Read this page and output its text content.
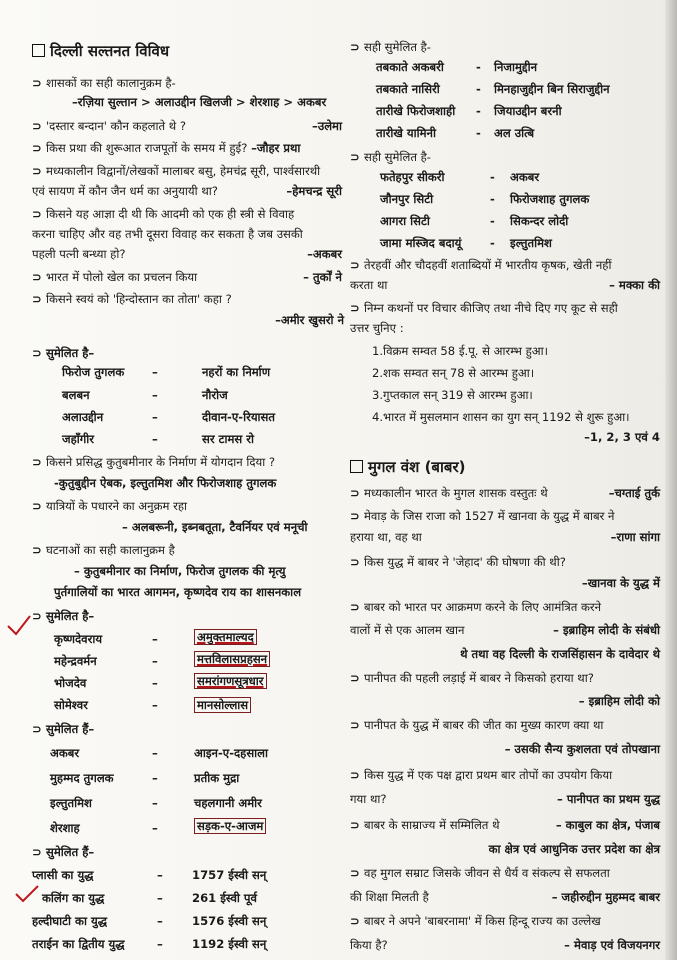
दिल्ली सल्तनत विविध
⊃ शासकों का सही कालानुक्रम है-
–रज़िया सुल्तान > अलाउद्दीन खिलजी > शेरशाह > अकबर
⊃ 'दस्तार बन्दान' कौन कहलाते थे ?	–उलेमा
⊃ किस प्रथा की शुरूआत राजपूतों के समय में हुई? –जौहर प्रथा
⊃ मध्यकालीन विद्वानों/लेखकों मालाबर बसु, हेमचंद्र सूरी, पार्श्वसारथी
एवं सायण में कौन जैन धर्म का अनुयायी था?	–हेमचन्द्र सूरी
⊃ किसने यह आज्ञा दी थी कि आदमी को एक ही स्त्री से विवाह
करना चाहिए और वह तभी दूसरा विवाह कर सकता है जब उसकी
पहली पत्नी बन्ध्या हो?	–अकबर
⊃ भारत में पोलो खेल का प्रचलन किया	– तुर्कों ने
⊃ किसने स्वयं को 'हिन्दोस्तान का तोता' कहा ?
–अमीर खुसरो ने
⊃ सुमेलित है–
फिरोज तुगलक –	नहरों का निर्माण
बलबन	–	नौरोज
अलाउद्दीन	–	दीवान-ए-रियासत
जहाँगीर	–	सर टामस रो
⊃ किसने प्रसिद्ध कुतुबमीनार के निर्माण में योगदान दिया ?
-कुतुबुद्दीन ऐबक, इल्तुतमिश और फिरोजशाह तुगलक
⊃ यात्रियों के पधारने का अनुक्रम रहा
– अलबरूनी, इब्नबतूता, टैवर्नियर एवं मनूची
⊃ घटनाओं का सही कालानुक्रम है
– कुतुबमीनार का निर्माण, फिरोज तुगलक की मृत्यु
पुर्तगालियों का भारत आगमन, कृष्णदेव राय का शासनकाल
⊃ सुमेलित है–
कृष्णदेवराय	–	अमुक्तमाल्यद
महेन्द्रवर्मन	–	मत्तविलासप्रहसन
भोजदेव	–	समरांगणसूत्रधार
सोमेश्वर	–	मानसोल्लास
⊃ सुमेलित हैं–
अकबर	–	आइन-ए-दहसाला
मुहम्मद तुगलक	–	प्रतीक मुद्रा
इल्तुतमिश	–	चहलगानी अमीर
शेरशाह	–	सड़क-ए-आजम
⊃ सुमेलित हैं–
प्लासी का युद्ध	–	1757 ईस्वी सन्
कलिंग का युद्ध	–	261 ईस्वी पूर्व
हल्दीघाटी का युद्ध	–	1576 ईस्वी सन्
तराईन का द्वितीय युद्ध	–	1192 ईस्वी सन्
⊃ सही सुमेलित है-
तबकाते अकबरी	- निजामुद्दीन
तबकाते नासिरी	- मिनहाजुद्दीन बिन सिराजुद्दीन
तारीखे फिरोजशाही - जियाउद्दीन बरनी
तारीखे यामिनी	- अल उत्बि
⊃ सही सुमेलित है-
फतेहपुर सीकरी	- अकबर
जौनपुर सिटी	- फिरोजशाह तुगलक
आगरा सिटी	- सिकन्दर लोदी
जामा मस्जिद बदायूं - इल्तुतमिश
⊃ तेरहवीं और चौदहवीं शताब्दियों में भारतीय कृषक, खेती नहीं
करता था	– मक्का की
⊃ निम्न कथनों पर विचार कीजिए तथा नीचे दिए गए कूट से सही
उत्तर चुनिए :
1.विक्रम सम्वत 58 ई.पू. से आरम्भ हुआ।
2.शक सम्वत सन् 78 से आरम्भ हुआ।
3.गुप्तकाल सन् 319 से आरम्भ हुआ।
4.भारत में मुसलमान शासन का युग सन् 1192 से शुरू हुआ।
–1, 2, 3 एवं 4
मुगल वंश (बाबर)
⊃ मध्यकालीन भारत के मुगल शासक वस्तुतः थे	–चग्ताई तुर्क
⊃ मेवाड़ के जिस राजा को 1527 में खानवा के युद्ध में बाबर ने
हराया था, वह था	–राणा सांगा
⊃ किस युद्ध में बाबर ने 'जेहाद' की घोषणा की थी?
–खानवा के युद्ध में
⊃ बाबर को भारत पर आक्रमण करने के लिए आमंत्रित करने
वालों में से एक आलम खान	– इब्राहिम लोदी के संबंधी
थे तथा वह दिल्ली के राजसिंहासन के दावेदार थे
⊃ पानीपत की पहली लड़ाई में बाबर ने किसको हराया था?
– इब्राहिम लोदी को
⊃ पानीपत के युद्ध में बाबर की जीत का मुख्य कारण क्या था
– उसकी सैन्य कुशलता एवं तोपखाना
⊃ किस युद्ध में एक पक्ष द्वारा प्रथम बार तोपों का उपयोग किया
गया था?	– पानीपत का प्रथम युद्ध
⊃ बाबर के साम्राज्य में सम्मिलित थे	– काबुल का क्षेत्र, पंजाब
का क्षेत्र एवं आधुनिक उत्तर प्रदेश का क्षेत्र
⊃ वह मुगल सम्राट जिसके जीवन से धैर्य व संकल्प से सफलता
की शिक्षा मिलती है	– जहीरुद्दीन मुहम्मद बाबर
⊃ बाबर ने अपने 'बाबरनामा' में किस हिन्दू राज्य का उल्लेख
किया है?	– मेवाड़ एवं विजयनगर
